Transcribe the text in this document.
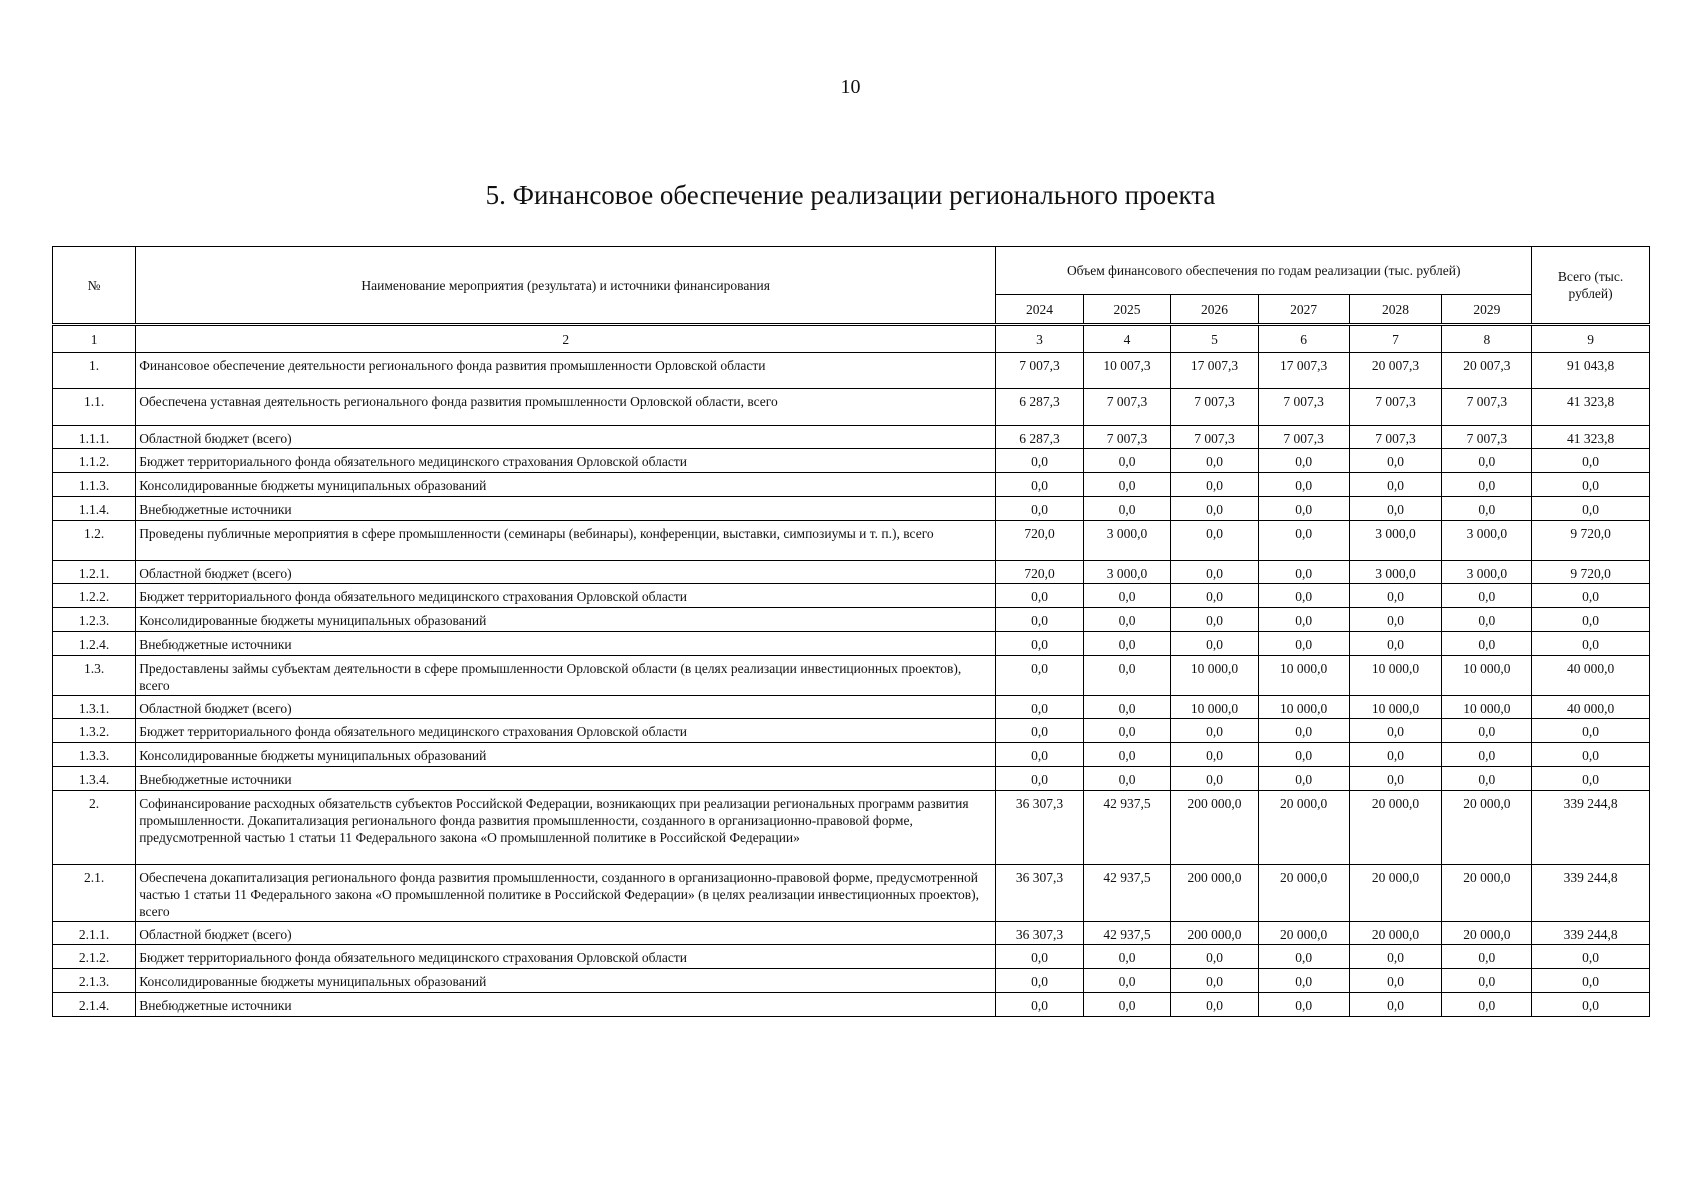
10
5. Финансовое обеспечение реализации регионального проекта
№	Наименование мероприятия (результата) и источники финансирования	Объем финансового обеспечения по годам реализации (тыс. рублей)						Всего (тыс. рублей)
		2024	2025	2026	2027	2028	2029	
1	2	3	4	5	6	7	8	9
1.	Финансовое обеспечение деятельности регионального фонда развития промышленности Орловской области	7 007,3	10 007,3	17 007,3	17 007,3	20 007,3	20 007,3	91 043,8
1.1.	Обеспечена уставная деятельность регионального фонда развития промышленности Орловской области, всего	6 287,3	7 007,3	7 007,3	7 007,3	7 007,3	7 007,3	41 323,8
1.1.1.	Областной бюджет (всего)	6 287,3	7 007,3	7 007,3	7 007,3	7 007,3	7 007,3	41 323,8
1.1.2.	Бюджет территориального фонда обязательного медицинского страхования Орловской области	0,0	0,0	0,0	0,0	0,0	0,0	0,0
1.1.3.	Консолидированные бюджеты муниципальных образований	0,0	0,0	0,0	0,0	0,0	0,0	0,0
1.1.4.	Внебюджетные источники	0,0	0,0	0,0	0,0	0,0	0,0	0,0
1.2.	Проведены публичные мероприятия в сфере промышленности (семинары (вебинары), конференции, выставки, симпозиумы и т. п.), всего	720,0	3 000,0	0,0	0,0	3 000,0	3 000,0	9 720,0
1.2.1.	Областной бюджет (всего)	720,0	3 000,0	0,0	0,0	3 000,0	3 000,0	9 720,0
1.2.2.	Бюджет территориального фонда обязательного медицинского страхования Орловской области	0,0	0,0	0,0	0,0	0,0	0,0	0,0
1.2.3.	Консолидированные бюджеты муниципальных образований	0,0	0,0	0,0	0,0	0,0	0,0	0,0
1.2.4.	Внебюджетные источники	0,0	0,0	0,0	0,0	0,0	0,0	0,0
1.3.	Предоставлены займы субъектам деятельности в сфере промышленности Орловской области (в целях реализации инвестиционных проектов), всего	0,0	0,0	10 000,0	10 000,0	10 000,0	10 000,0	40 000,0
1.3.1.	Областной бюджет (всего)	0,0	0,0	10 000,0	10 000,0	10 000,0	10 000,0	40 000,0
1.3.2.	Бюджет территориального фонда обязательного медицинского страхования Орловской области	0,0	0,0	0,0	0,0	0,0	0,0	0,0
1.3.3.	Консолидированные бюджеты муниципальных образований	0,0	0,0	0,0	0,0	0,0	0,0	0,0
1.3.4.	Внебюджетные источники	0,0	0,0	0,0	0,0	0,0	0,0	0,0
2.	Софинансирование расходных обязательств субъектов Российской Федерации, возникающих при реализации региональных программ развития промышленности. Докапитализация регионального фонда развития промышленности, созданного в организационно-правовой форме, предусмотренной частью 1 статьи 11 Федерального закона «О промышленной политике в Российской Федерации»	36 307,3	42 937,5	200 000,0	20 000,0	20 000,0	20 000,0	339 244,8
2.1.	Обеспечена докапитализация регионального фонда развития промышленности, созданного в организационно-правовой форме, предусмотренной частью 1 статьи 11 Федерального закона «О промышленной политике в Российской Федерации» (в целях реализации инвестиционных проектов), всего	36 307,3	42 937,5	200 000,0	20 000,0	20 000,0	20 000,0	339 244,8
2.1.1.	Областной бюджет (всего)	36 307,3	42 937,5	200 000,0	20 000,0	20 000,0	20 000,0	339 244,8
2.1.2.	Бюджет территориального фонда обязательного медицинского страхования Орловской области	0,0	0,0	0,0	0,0	0,0	0,0	0,0
2.1.3.	Консолидированные бюджеты муниципальных образований	0,0	0,0	0,0	0,0	0,0	0,0	0,0
2.1.4.	Внебюджетные источники	0,0	0,0	0,0	0,0	0,0	0,0	0,0
